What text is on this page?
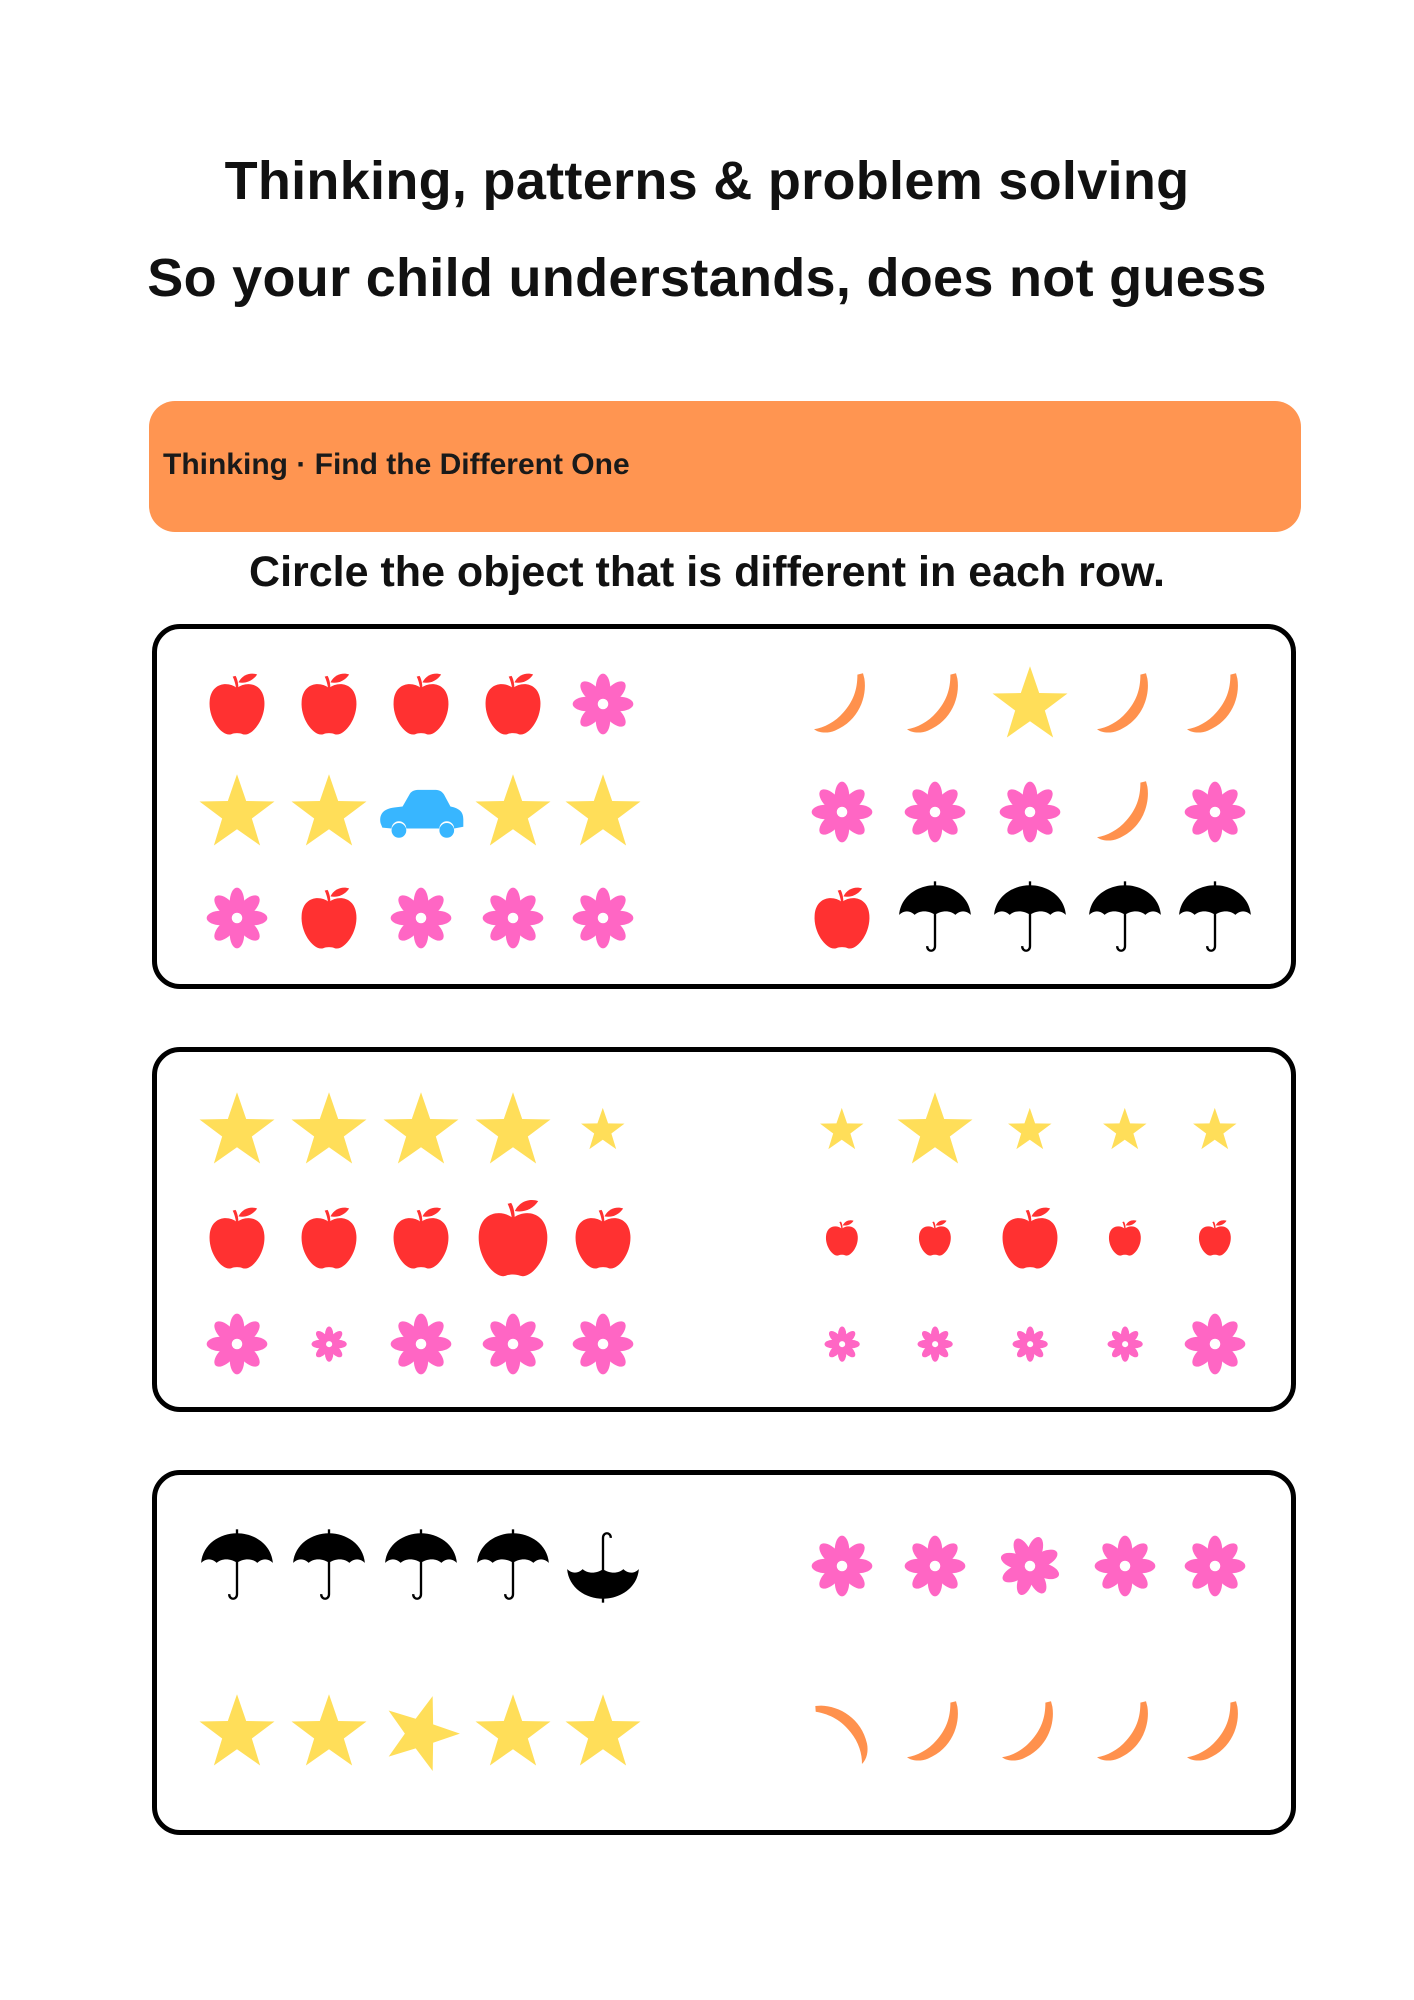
Thinking, patterns & problem solving
So your child understands, does not guess
Thinking · Find the Different One

Circle the object that is different in each row.
